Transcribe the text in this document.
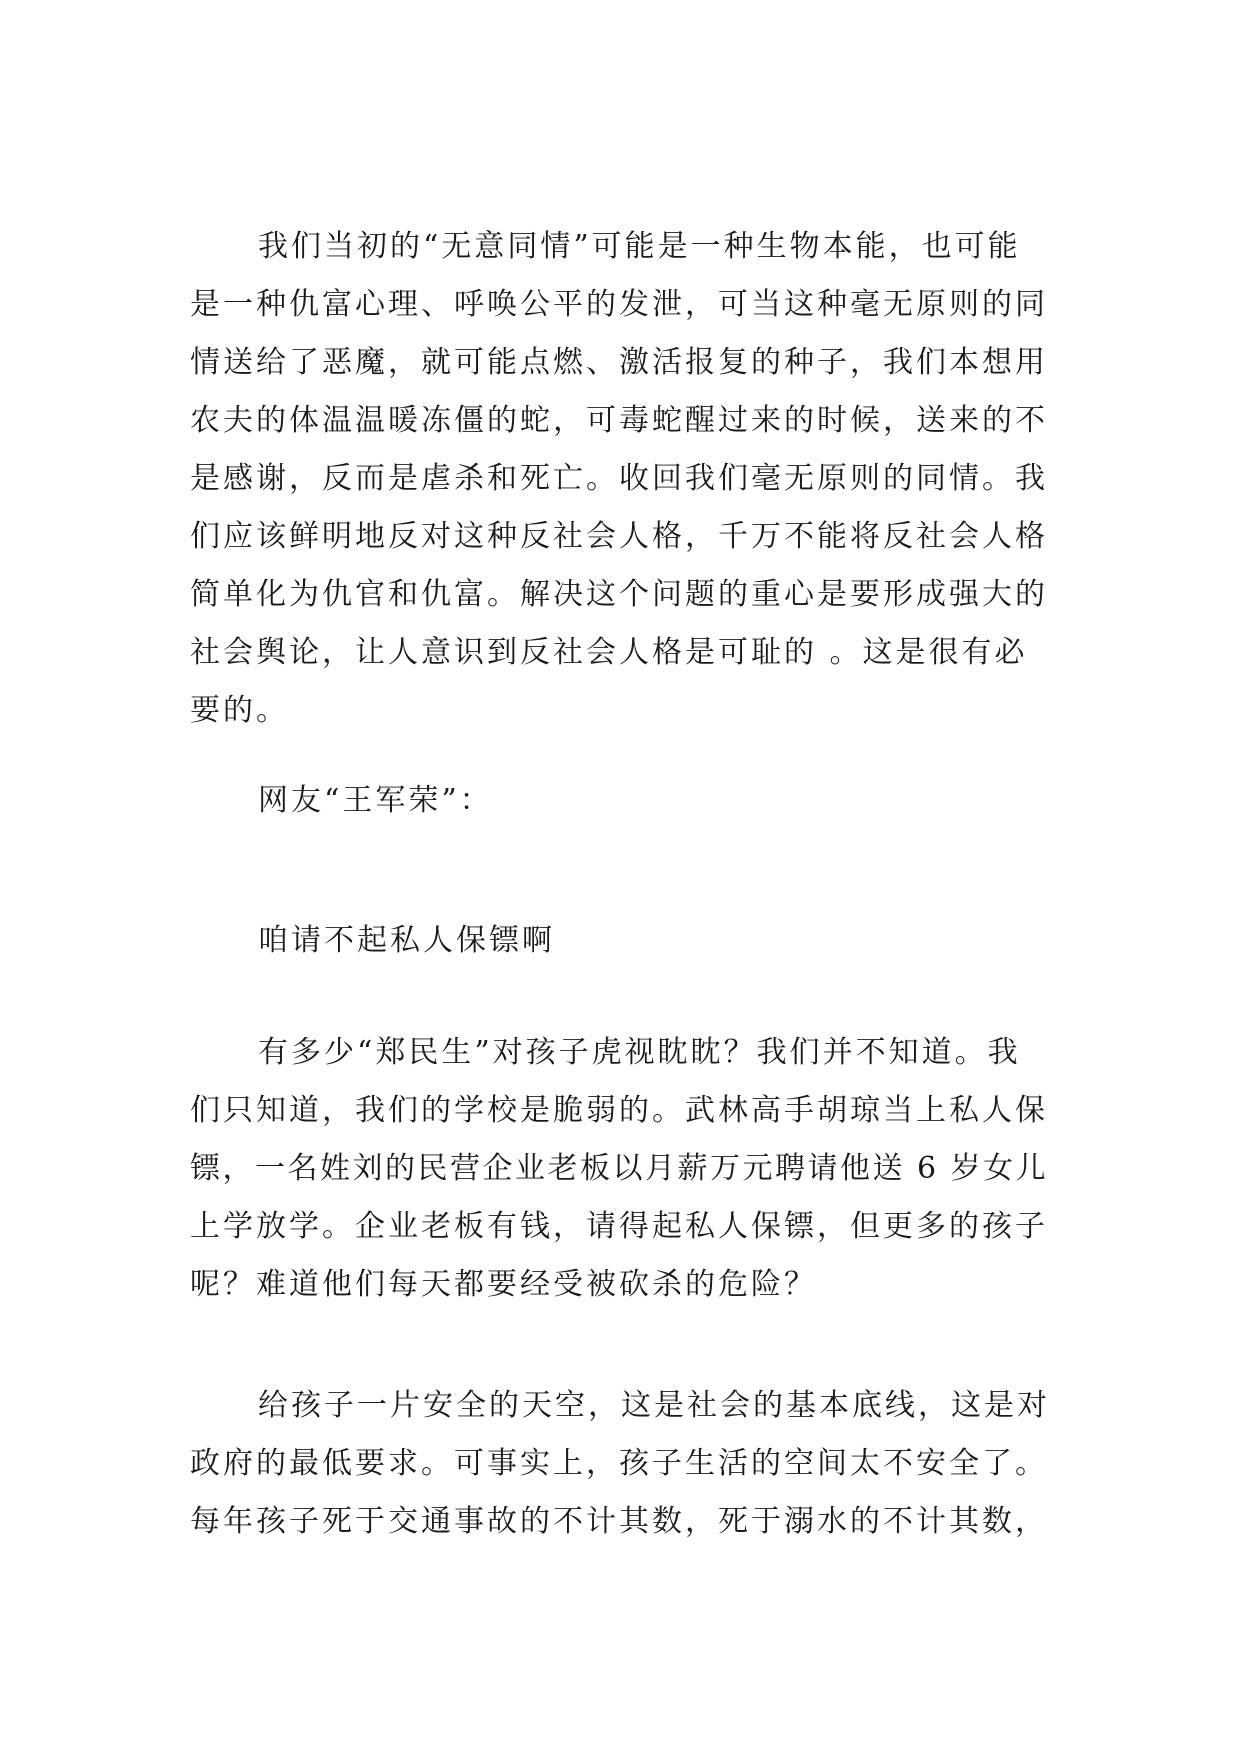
我们当初的“无意同情”可能是一种生物本能，也可能
是一种仇富心理、呼唤公平的发泄，可当这种毫无原则的同
情送给了恶魔，就可能点燃、激活报复的种子，我们本想用
农夫的体温温暖冻僵的蛇，可毒蛇醒过来的时候，送来的不
是感谢，反而是虐杀和死亡。收回我们毫无原则的同情。我
们应该鲜明地反对这种反社会人格，千万不能将反社会人格
简单化为仇官和仇富。解决这个问题的重心是要形成强大的
社会舆论，让人意识到反社会人格是可耻的 。这是很有必
要的。
网友“王军荣”：
咱请不起私人保镖啊
有多少“郑民生”对孩子虎视眈眈？我们并不知道。我
们只知道，我们的学校是脆弱的。武林高手胡琼当上私人保
镖，一名姓刘的民营企业老板以月薪万元聘请他送 6 岁女儿
上学放学。企业老板有钱，请得起私人保镖，但更多的孩子
呢？难道他们每天都要经受被砍杀的危险？
给孩子一片安全的天空，这是社会的基本底线，这是对
政府的最低要求。可事实上，孩子生活的空间太不安全了。
每年孩子死于交通事故的不计其数，死于溺水的不计其数，
